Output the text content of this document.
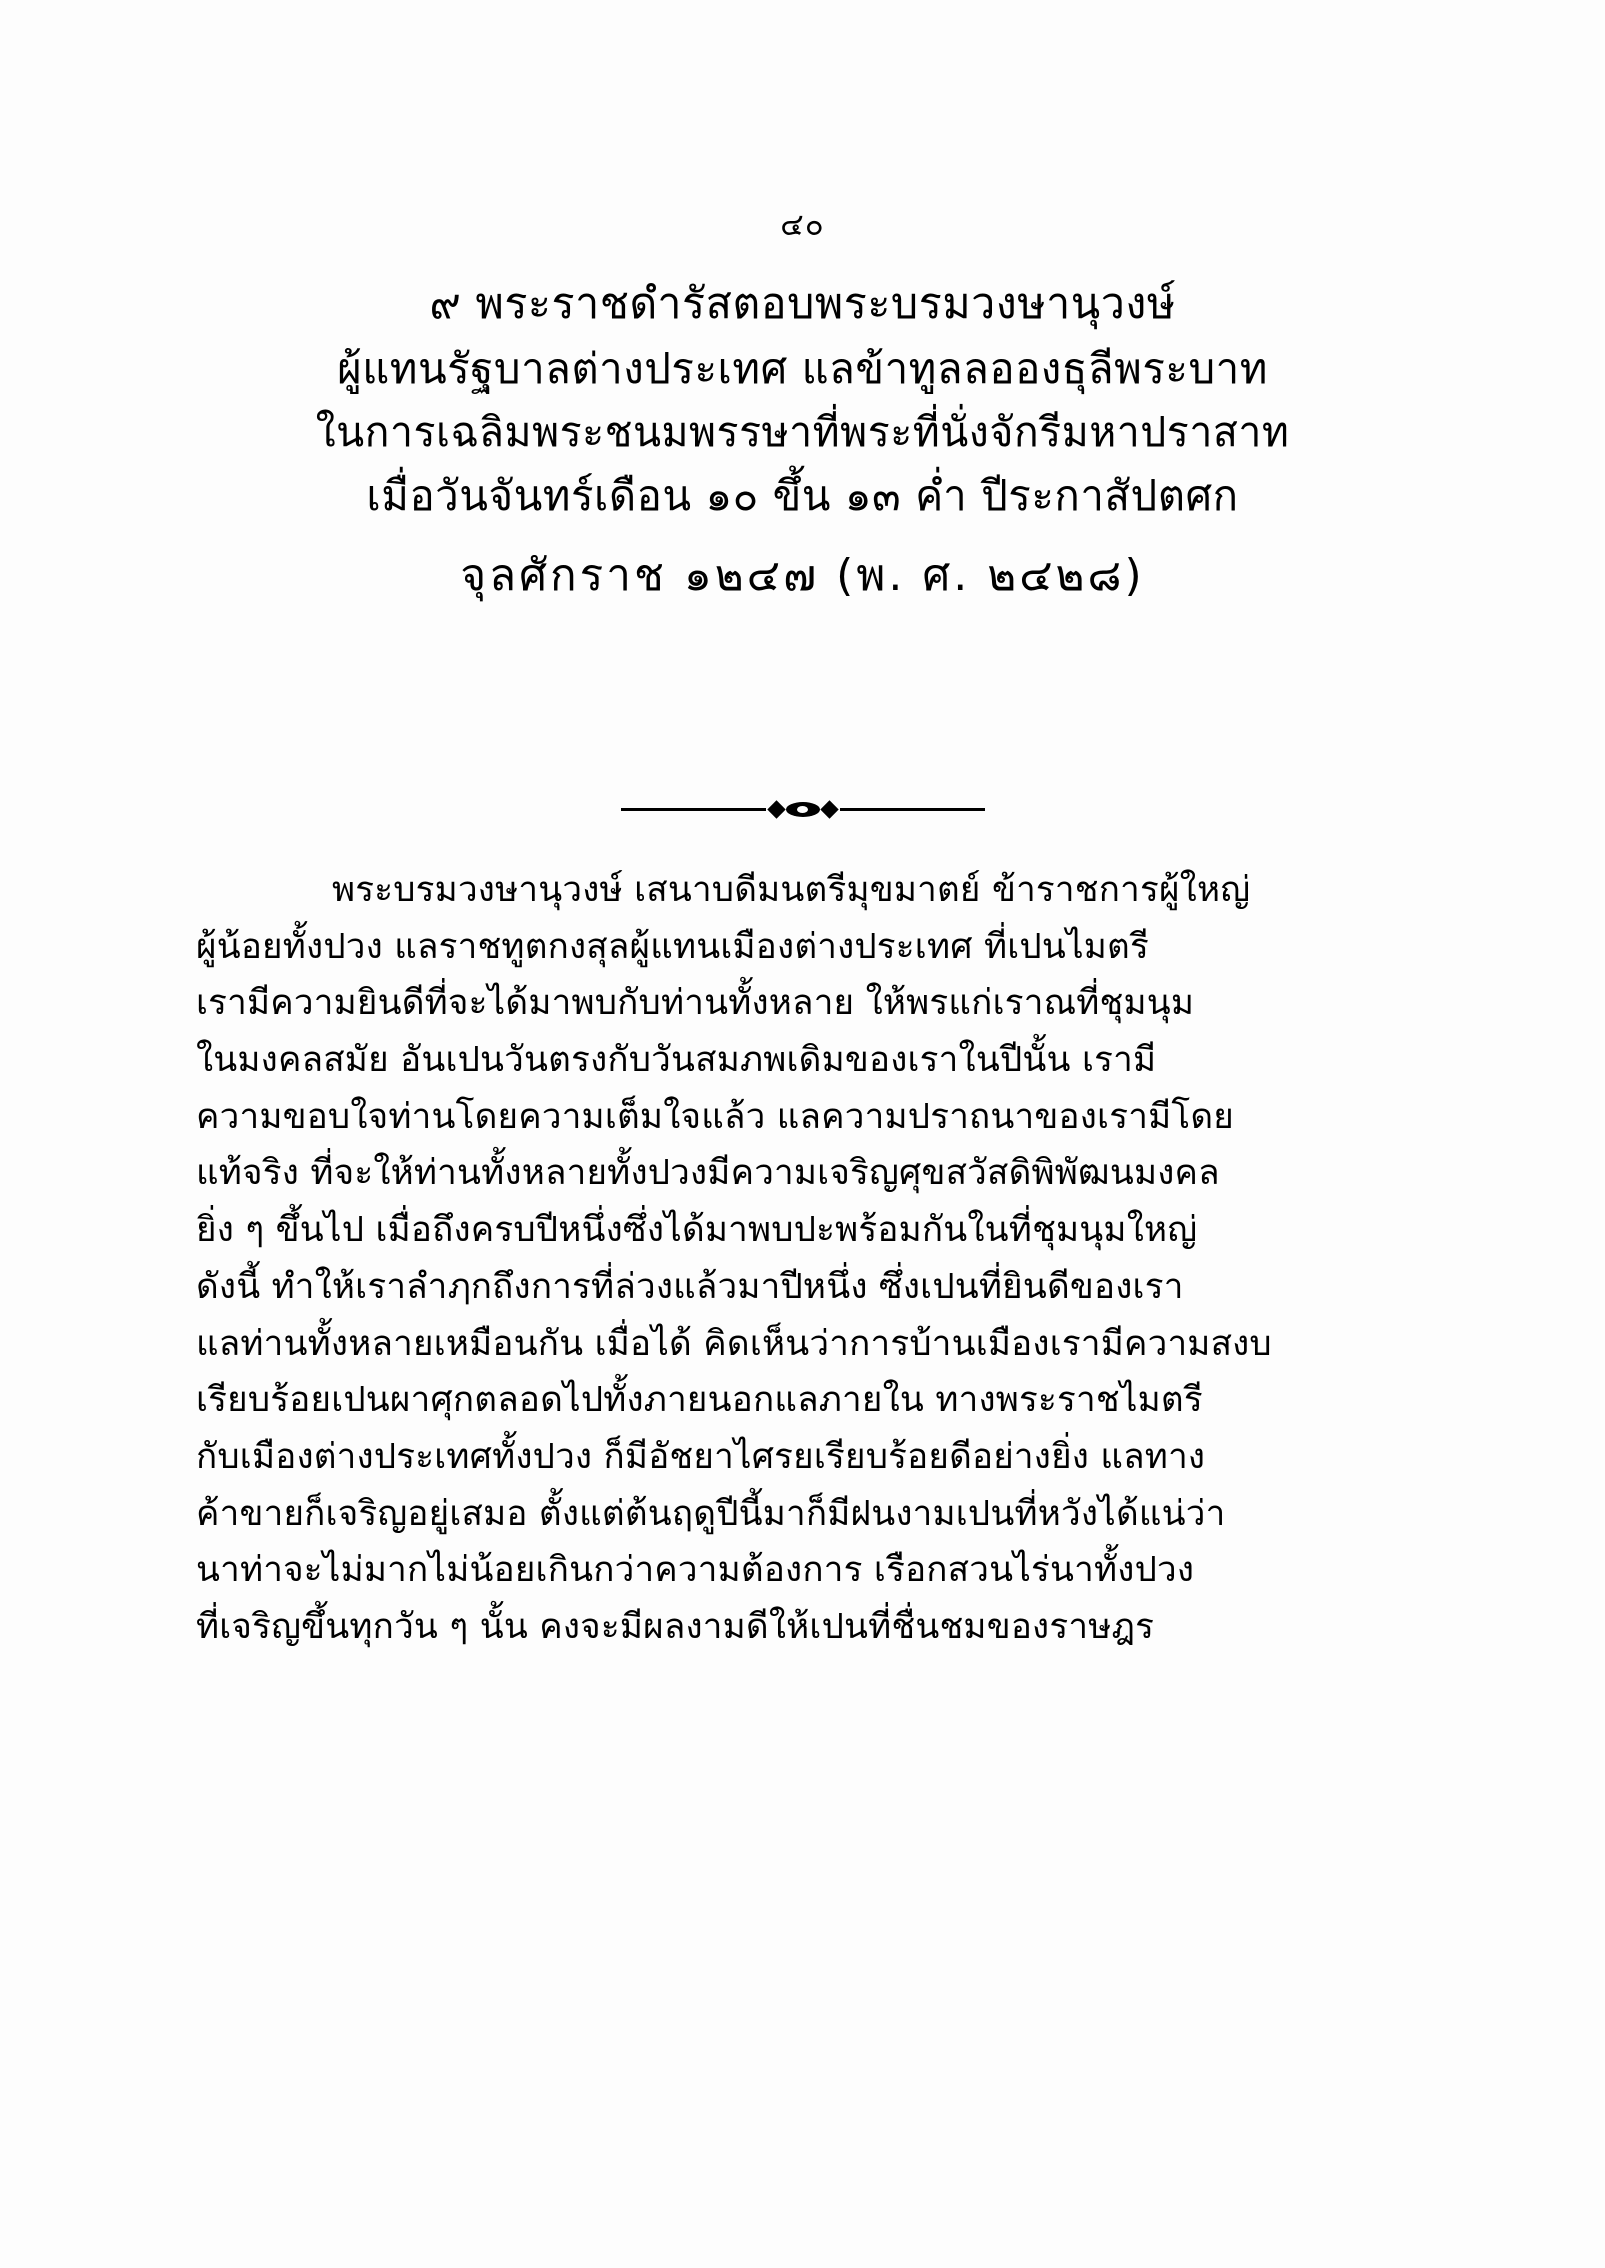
๔๐
๙ พระราชดำรัสตอบพระบรมวงษานุวงษ์
ผู้แทนรัฐบาลต่างประเทศ แลข้าทูลลอองธุลีพระบาท
ในการเฉลิมพระชนมพรรษาที่พระที่นั่งจักรีมหาปราสาท
เมื่อวันจันทร์เดือน ๑๐ ขึ้น ๑๓ ค่ำ ปีระกาสัปตศก
จุลศักราช ๑๒๔๗ (พ. ศ. ๒๔๒๘)
พระบรมวงษานุวงษ์ เสนาบดีมนตรีมุขมาตย์ ข้าราชการผู้ใหญ่
ผู้น้อยทั้งปวง แลราชทูตกงสุลผู้แทนเมืองต่างประเทศ ที่เปนไมตรี
เรามีความยินดีที่จะได้มาพบกับท่านทั้งหลาย ให้พรแก่เราณที่ชุมนุม
ในมงคลสมัย อันเปนวันตรงกับวันสมภพเดิมของเราในปีนั้น เรามี
ความขอบใจท่านโดยความเต็มใจแล้ว แลความปราถนาของเรามีโดย
แท้จริง ที่จะให้ท่านทั้งหลายทั้งปวงมีความเจริญศุขสวัสดิพิพัฒนมงคล
ยิ่ง ๆ ขึ้นไป เมื่อถึงครบปีหนึ่งซึ่งได้มาพบปะพร้อมกันในที่ชุมนุมใหญ่
ดังนี้ ทำให้เราลำฦกถึงการที่ล่วงแล้วมาปีหนึ่ง ซึ่งเปนที่ยินดีของเรา
แลท่านทั้งหลายเหมือนกัน เมื่อได้ คิดเห็นว่าการบ้านเมืองเรามีความสงบ
เรียบร้อยเปนผาศุกตลอดไปทั้งภายนอกแลภายใน ทางพระราชไมตรี
กับเมืองต่างประเทศทั้งปวง ก็มีอัชยาไศรยเรียบร้อยดีอย่างยิ่ง แลทาง
ค้าขายก็เจริญอยู่เสมอ ตั้งแต่ต้นฤดูปีนี้มาก็มีฝนงามเปนที่หวังได้แน่ว่า
นาท่าจะไม่มากไม่น้อยเกินกว่าความต้องการ เรือกสวนไร่นาทั้งปวง
ที่เจริญขึ้นทุกวัน ๆ นั้น คงจะมีผลงามดีให้เปนที่ชื่นชมของราษฎร
